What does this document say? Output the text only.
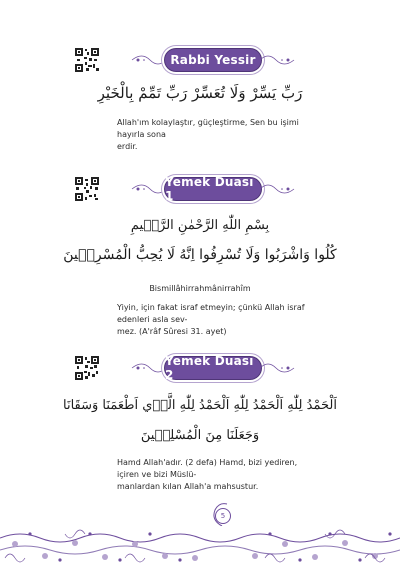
Rabbi Yessir
رَبِّ يَسِّرْ وَلَا تُعَسِّرْ رَبِّ تَمِّمْ بِالْخَيْرِ
Allah'ım kolaylaştır, güçleştirme, Sen bu işimi hayırla sona
erdir.
Yemek Duası 1
بِسْمِ اللّٰهِ الرَّحْمٰنِ الرَّح۪يمِ
كُلُوا وَاشْرَبُوا وَلَا تُسْرِفُوا اِنَّهُ لَا يُحِبُّ الْمُسْرِف۪ينَ
Bismillâhirrahmânirrahîm
Yiyin, için fakat israf etmeyin; çünkü Allah israf edenleri asla sev-
mez. (A'râf Sûresi 31. ayet)
Yemek Duası 2
اَلْحَمْدُ لِلّٰهِ اَلْحَمْدُ لِلّٰهِ اَلْحَمْدُ لِلّٰهِ الَّذ۪ي اَطْعَمَنَا وَسَقَانَا
وَجَعَلَنَا مِنَ الْمُسْلِم۪ينَ
Hamd Allah'adır. (2 defa) Hamd, bizi yediren, içiren ve bizi Müslü-
manlardan kılan Allah'a mahsustur.
5
